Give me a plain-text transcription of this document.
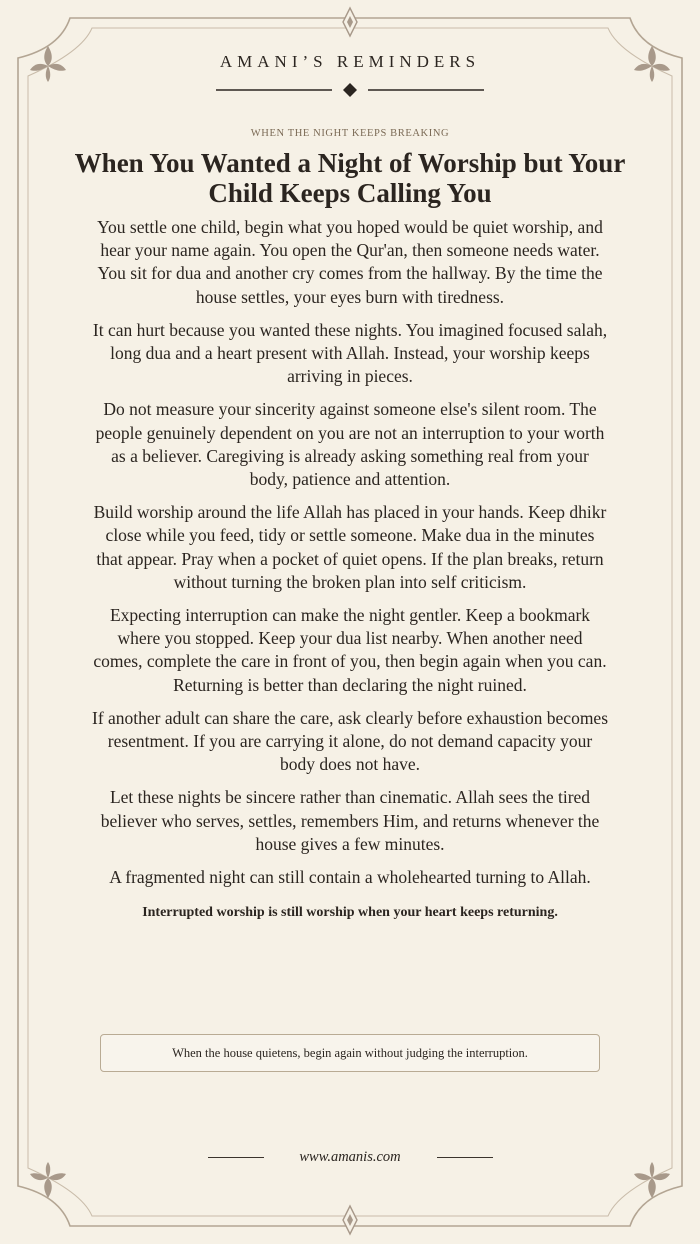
AMANI’S REMINDERS
WHEN THE NIGHT KEEPS BREAKING
When You Wanted a Night of Worship but Your Child Keeps Calling You

You settle one child, begin what you hoped would be quiet worship, and hear your name again. You open the Qur'an, then someone needs water. You sit for dua and another cry comes from the hallway. By the time the house settles, your eyes burn with tiredness.

It can hurt because you wanted these nights. You imagined focused salah, long dua and a heart present with Allah. Instead, your worship keeps arriving in pieces.

Do not measure your sincerity against someone else's silent room. The people genuinely dependent on you are not an interruption to your worth as a believer. Caregiving is already asking something real from your body, patience and attention.

Build worship around the life Allah has placed in your hands. Keep dhikr close while you feed, tidy or settle someone. Make dua in the minutes that appear. Pray when a pocket of quiet opens. If the plan breaks, return without turning the broken plan into self criticism.

Expecting interruption can make the night gentler. Keep a bookmark where you stopped. Keep your dua list nearby. When another need comes, complete the care in front of you, then begin again when you can. Returning is better than declaring the night ruined.

If another adult can share the care, ask clearly before exhaustion becomes resentment. If you are carrying it alone, do not demand capacity your body does not have.

Let these nights be sincere rather than cinematic. Allah sees the tired believer who serves, settles, remembers Him, and returns whenever the house gives a few minutes.

A fragmented night can still contain a wholehearted turning to Allah.

Interrupted worship is still worship when your heart keeps returning.

When the house quietens, begin again without judging the interruption.
www.amanis.com
